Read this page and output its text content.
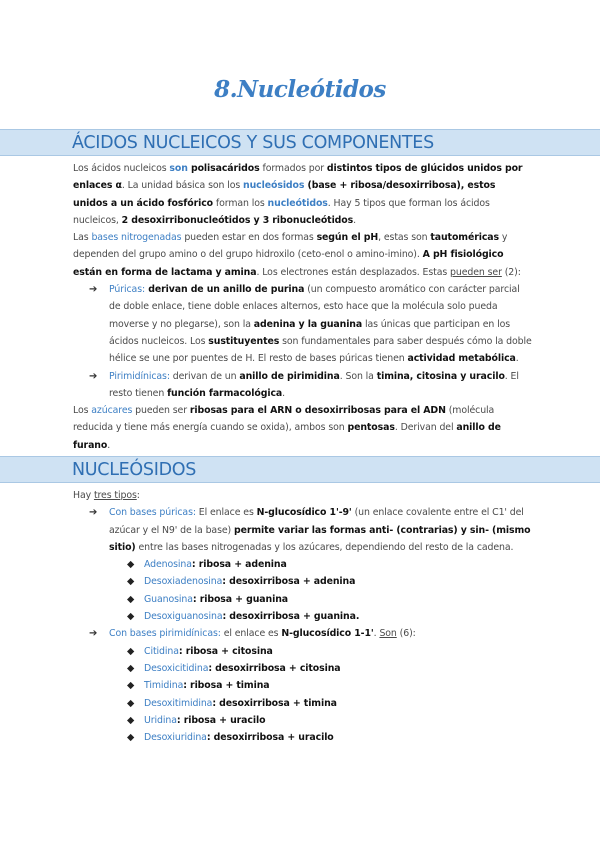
8.Nucleótidos
ÁCIDOS NUCLEICOS Y SUS COMPONENTES

Los ácidos nucleicos son polisacáridos formados por distintos tipos de glúcidos unidos por enlaces α. La unidad básica son los nucleósidos (base + ribosa/desoxirribosa), estos unidos a un ácido fosfórico forman los nucleótidos. Hay 5 tipos que forman los ácidos nucleicos, 2 desoxirribonucleótidos y 3 ribonucleótidos.

Las bases nitrogenadas pueden estar en dos formas según el pH, estas son tautoméricas y dependen del grupo amino o del grupo hidroxilo (ceto-enol o amino-imino). A pH fisiológico están en forma de lactama y amina. Los electrones están desplazados. Estas pueden ser (2):

➔ Púricas: derivan de un anillo de purina (un compuesto aromático con carácter parcial de doble enlace, tiene doble enlaces alternos, esto hace que la molécula solo pueda moverse y no plegarse), son la adenina y la guanina las únicas que participan en los ácidos nucleicos. Los sustituyentes son fundamentales para saber después cómo la doble hélice se une por puentes de H. El resto de bases púricas tienen actividad metabólica.
➔ Pirimidínicas: derivan de un anillo de pirimidina. Son la timina, citosina y uracilo. El resto tienen función farmacológica.

Los azúcares pueden ser ribosas para el ARN o desoxirribosas para el ADN (molécula reducida y tiene más energía cuando se oxida), ambos son pentosas. Derivan del anillo de furano.

NUCLEÓSIDOS

Hay tres tipos:

➔ Con bases púricas: El enlace es N-glucosídico 1'-9' (un enlace covalente entre el C1' del azúcar y el N9' de la base) permite variar las formas anti- (contrarias) y sin- (mismo sitio) entre las bases nitrogenadas y los azúcares, dependiendo del resto de la cadena.
◆ Adenosina: ribosa + adenina
◆ Desoxiadenosina: desoxirribosa + adenina
◆ Guanosina: ribosa + guanina
◆ Desoxiguanosina: desoxirribosa + guanina.
➔ Con bases pirimidínicas: el enlace es N-glucosídico 1-1'. Son (6):
◆ Citidina: ribosa + citosina
◆ Desoxicitidina: desoxirribosa + citosina
◆ Timidina: ribosa + timina
◆ Desoxitimidina: desoxirribosa + timina
◆ Uridina: ribosa + uracilo
◆ Desoxiuridina: desoxirribosa + uracilo
